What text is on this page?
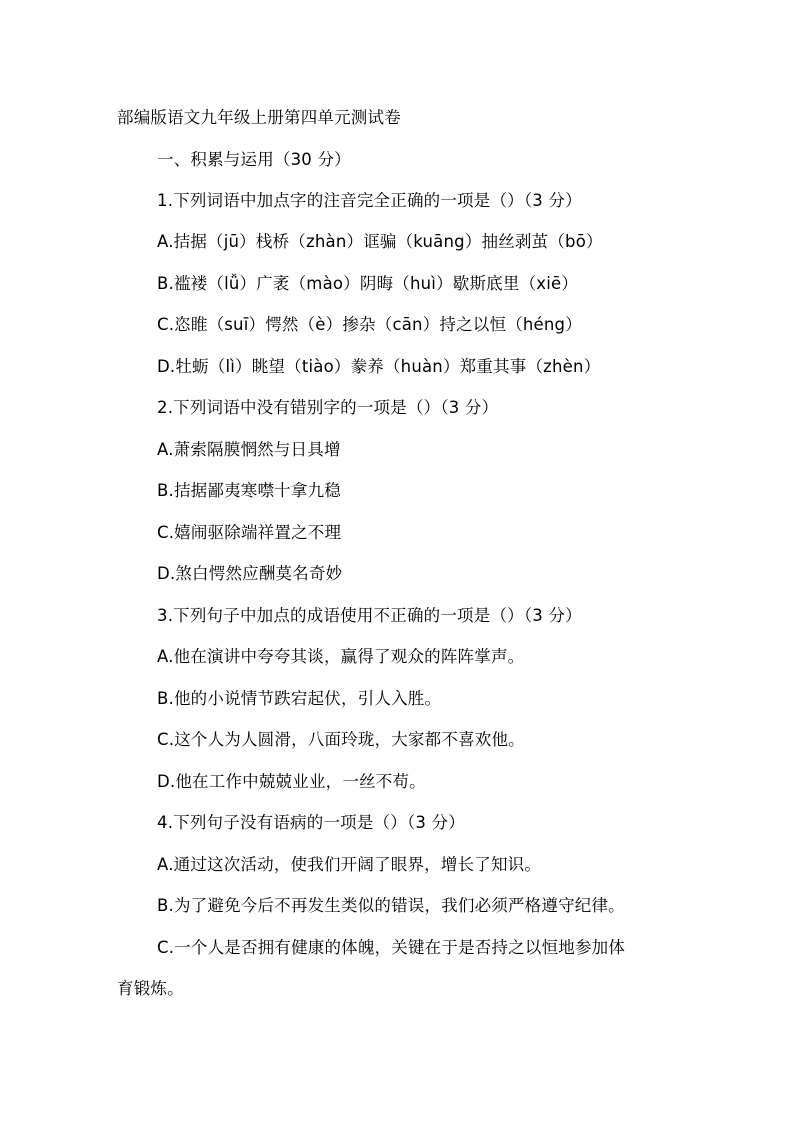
部编版语文九年级上册第四单元测试卷
一、积累与运用（30 分）
1.下列词语中加点字的注音完全正确的一项是（）（3 分）
A.拮据（jū）栈桥（zhàn）诓骗（kuāng）抽丝剥茧（bō）
B.褴褛（lǚ）广袤（mào）阴晦（huì）歇斯底里（xiē）
C.恣睢（suī）愕然（è）掺杂（cān）持之以恒（héng）
D.牡蛎（lì）眺望（tiào）豢养（huàn）郑重其事（zhèn）
2.下列词语中没有错别字的一项是（）（3 分）
A.萧索隔膜惘然与日具增
B.拮据鄙夷寒噤十拿九稳
C.嬉闹驱除端祥置之不理
D.煞白愕然应酬莫名奇妙
3.下列句子中加点的成语使用不正确的一项是（）（3 分）
A.他在演讲中夸夸其谈，赢得了观众的阵阵掌声。
B.他的小说情节跌宕起伏，引人入胜。
C.这个人为人圆滑，八面玲珑，大家都不喜欢他。
D.他在工作中兢兢业业，一丝不苟。
4.下列句子没有语病的一项是（）（3 分）
A.通过这次活动，使我们开阔了眼界，增长了知识。
B.为了避免今后不再发生类似的错误，我们必须严格遵守纪律。
C.一个人是否拥有健康的体魄，关键在于是否持之以恒地参加体
育锻炼。
